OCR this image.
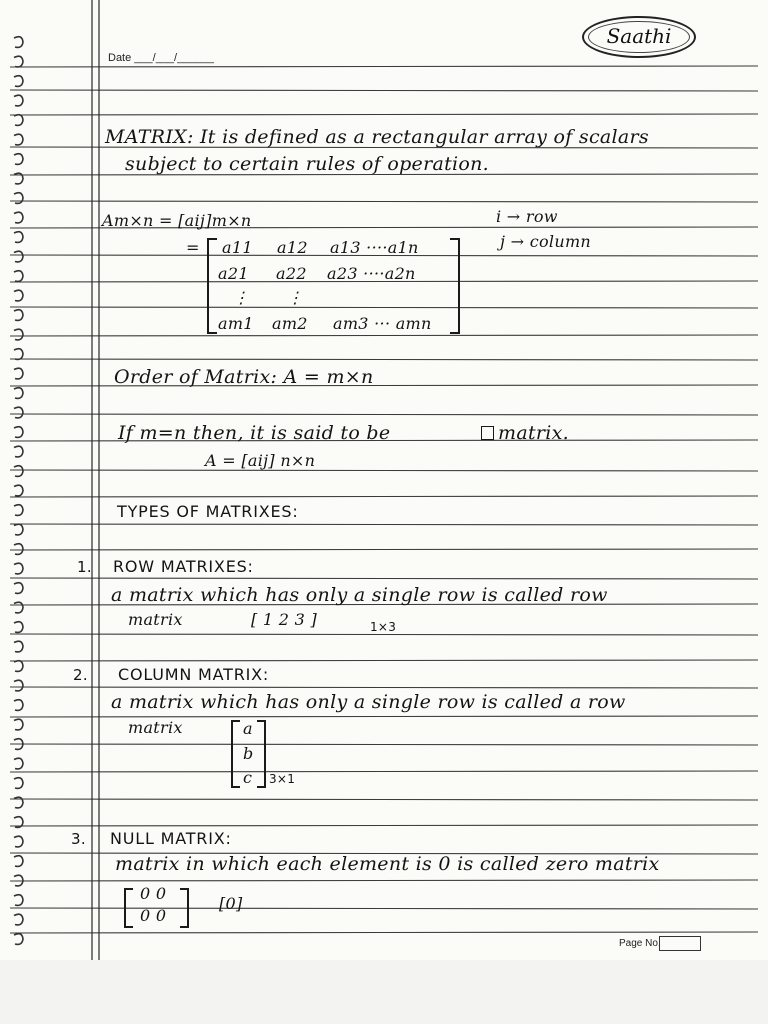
Saathi
Date ___/___/______
MATRIX: It is defined as a rectangular array of scalars
subject to certain rules of operation.
Am×n = [aij]m×n	i → row
j → column
= a11 a12 a13 ····a1n
a21 a22 a23 ····a2n
⋮ ⋮
am1 am2 am3 ··· amn
Order of Matrix: A = m×n
If m=n then, it is said to be	matrix.
A = [aij] n×n
TYPES OF MATRIXES:
1. ROW MATRIXES:
a matrix which has only a single row is called row
matrix	[ 1 2 3 ]	1×3
2. COLUMN MATRIX:
a matrix which has only a single row is called a row
matrix	a
b
c 3×1
3. NULL MATRIX:
matrix in which each element is 0 is called zero matrix
0 0
0 0
[0]
Page No.
